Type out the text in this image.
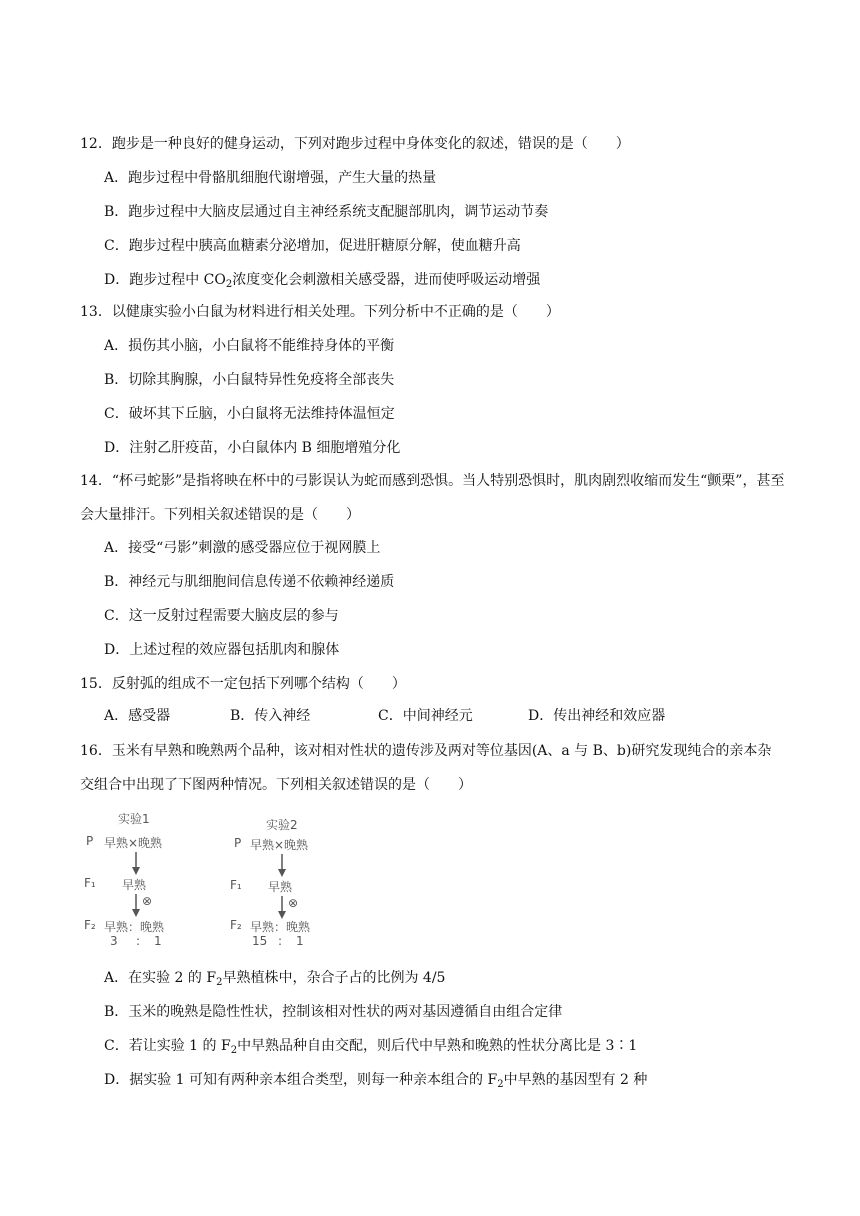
12．跑步是一种良好的健身运动，下列对跑步过程中身体变化的叙述，错误的是（　　）
A．跑步过程中骨骼肌细胞代谢增强，产生大量的热量
B．跑步过程中大脑皮层通过自主神经系统支配腿部肌肉，调节运动节奏
C．跑步过程中胰高血糖素分泌增加，促进肝糖原分解，使血糖升高
D．跑步过程中 $CO_2$浓度变化会刺激相关感受器，进而使呼吸运动增强
13．以健康实验小白鼠为材料进行相关处理。下列分析中不正确的是（　　）
A．损伤其小脑，小白鼠将不能维持身体的平衡
B．切除其胸腺，小白鼠特异性免疫将全部丧失
C．破坏其下丘脑，小白鼠将无法维持体温恒定
D．注射乙肝疫苗，小白鼠体内 B 细胞增殖分化
14．“杯弓蛇影”是指将映在杯中的弓影误认为蛇而感到恐惧。当人特别恐惧时，肌肉剧烈收缩而发生“颤栗”，甚至会大量排汗。下列相关叙述错误的是（　　）
A．接受“弓影”刺激的感受器应位于视网膜上
B．神经元与肌细胞间信息传递不依赖神经递质
C．这一反射过程需要大脑皮层的参与
D．上述过程的效应器包括肌肉和腺体
15．反射弧的组成不一定包括下列哪个结构（　　）
A．感受器	B．传入神经	C．中间神经元	D．传出神经和效应器
16．玉米有早熟和晚熟两个品种，该对相对性状的遗传涉及两对等位基因(A、a 与 B、b)研究发现纯合的亲本杂交组合中出现了下图两种情况。下列相关叙述错误的是（　　）
实验1
P 早熟×晚熟
F₁ 早熟
⊗
F₂ 早熟：晚熟
3 : 1
实验2
P 早熟×晚熟
F₁ 早熟
⊗
F₂ 早熟：晚熟
15 : 1
A．在实验 2 的 $F_2$早熟植株中，杂合子占的比例为 4/5
B．玉米的晚熟是隐性性状，控制该相对性状的两对基因遵循自由组合定律
C．若让实验 1 的 $F_2$中早熟品种自由交配，则后代中早熟和晚熟的性状分离比是 3∶1
D．据实验 1 可知有两种亲本组合类型，则每一种亲本组合的 $F_2$中早熟的基因型有 2 种
